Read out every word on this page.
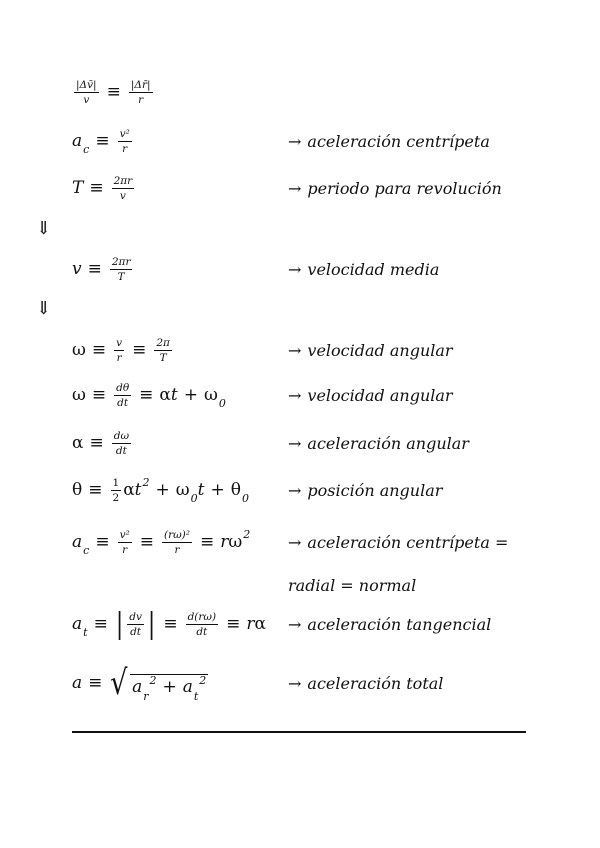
$\frac{|\Delta v̄|}{v} \equiv \frac{|\Delta r̄|}{r}$
a $c \equiv \frac{\text{v²}}{r}$	→ aceleración centrípeta
$T \equiv \frac{2\pi r}{v}$	→ periodo para revolución
⇓
$v \equiv \frac{2\pi r}{T}$	→ velocidad media
⇓
$\omega \equiv \frac{v}{r} \equiv \frac{2\pi}{T}$	→ velocidad angular
$\omega \equiv \frac{d\theta}{dt} \equiv \alpha$ t + ω 0	→ velocidad angular
$\alpha \equiv \frac{d\omega}{dt}$	→ aceleración angular
$\theta \equiv \frac{1}{2}$ α t 2 + ω 0 t + θ 0 → posición angular
a $c \equiv \frac{\text{v²}}{r} \equiv \frac{\text{(rω)²}}{r} \equiv r$ ω 2 → aceleración centrípeta =
radial = normal
a t ≡ | $\frac{dv}{dt}$ | ≡ $\frac{d(r\omega)}{dt} \equiv r$ α → aceleración tangencial
a ≡ √ $a_r^2 + a_t^2$	→ aceleración total
